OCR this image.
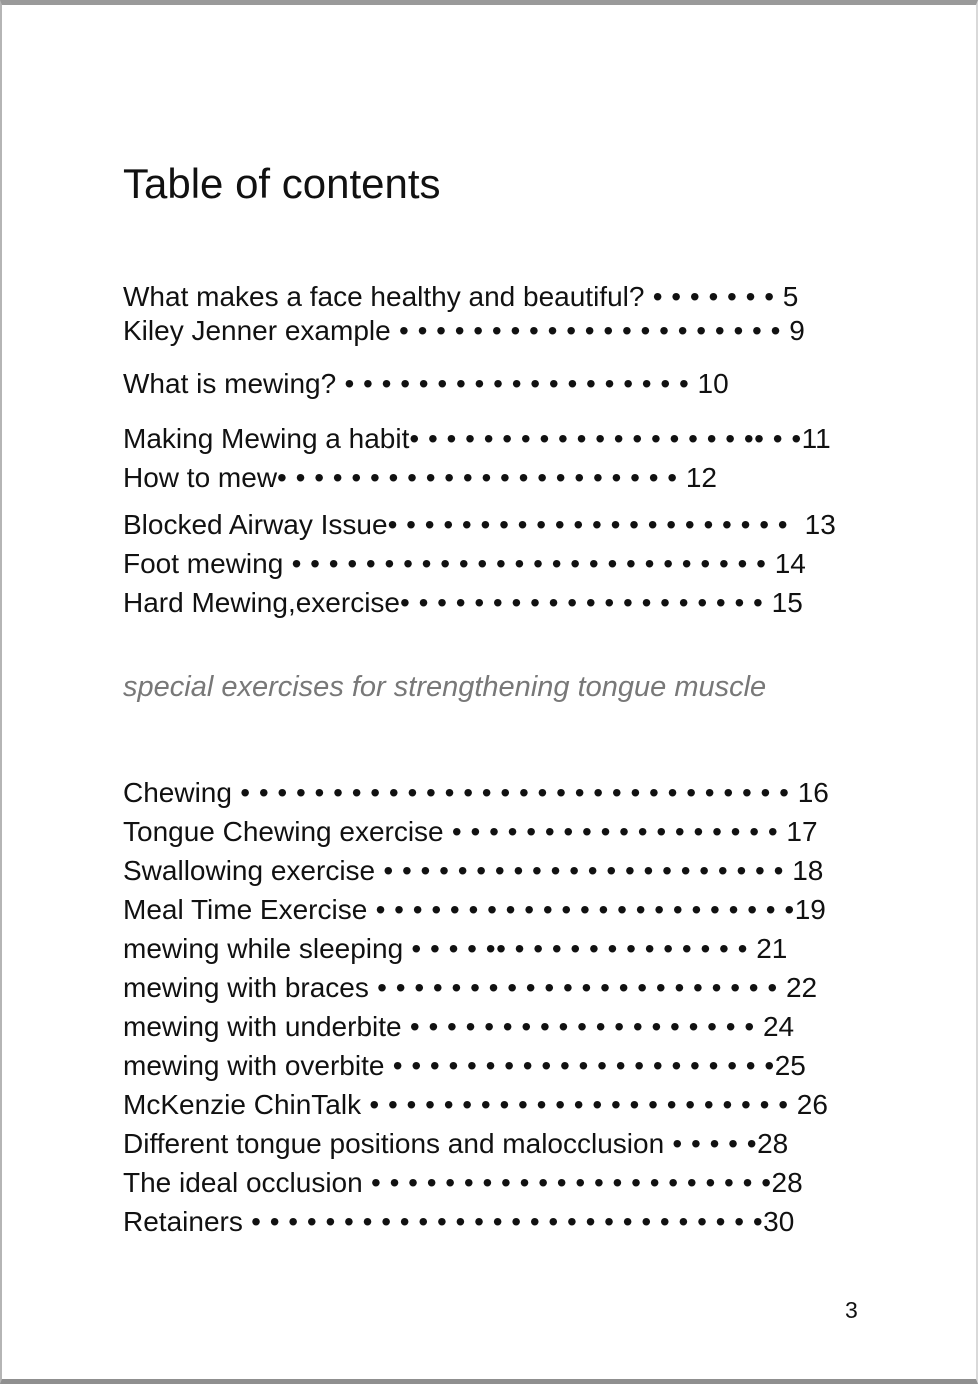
Table of contents
What makes a face healthy and beautiful? • • • • • • • 5
Kiley Jenner example • • • • • • • • • • • • • • • • • • • • • 9
What is mewing? • • • • • • • • • • • • • • • • • • • 10
Making Mewing a habit• • • • • • • • • • • • • • • • • • •• • •11
How to mew• • • • • • • • • • • • • • • • • • • • • • 12
Blocked Airway Issue• • • • • • • • • • • • • • • • • • • • • •  13
Foot mewing • • • • • • • • • • • • • • • • • • • • • • • • • • 14
Hard Mewing,exercise• • • • • • • • • • • • • • • • • • • • 15
special exercises for strengthening tongue muscle
Chewing • • • • • • • • • • • • • • • • • • • • • • • • • • • • • • 16
Tongue Chewing exercise • • • • • • • • • • • • • • • • • • 17
Swallowing exercise • • • • • • • • • • • • • • • • • • • • • • 18
Meal Time Exercise • • • • • • • • • • • • • • • • • • • • • • •19
mewing while sleeping • • • • •• • • • • • • • • • • • • • 21
mewing with braces • • • • • • • • • • • • • • • • • • • • • • 22
mewing with underbite • • • • • • • • • • • • • • • • • • • 24
mewing with overbite • • • • • • • • • • • • • • • • • • • • •25
McKenzie ChinTalk • • • • • • • • • • • • • • • • • • • • • • • 26
Different tongue positions and malocclusion • • • • •28
The ideal occlusion • • • • • • • • • • • • • • • • • • • • • •28
Retainers • • • • • • • • • • • • • • • • • • • • • • • • • • • •30
3
